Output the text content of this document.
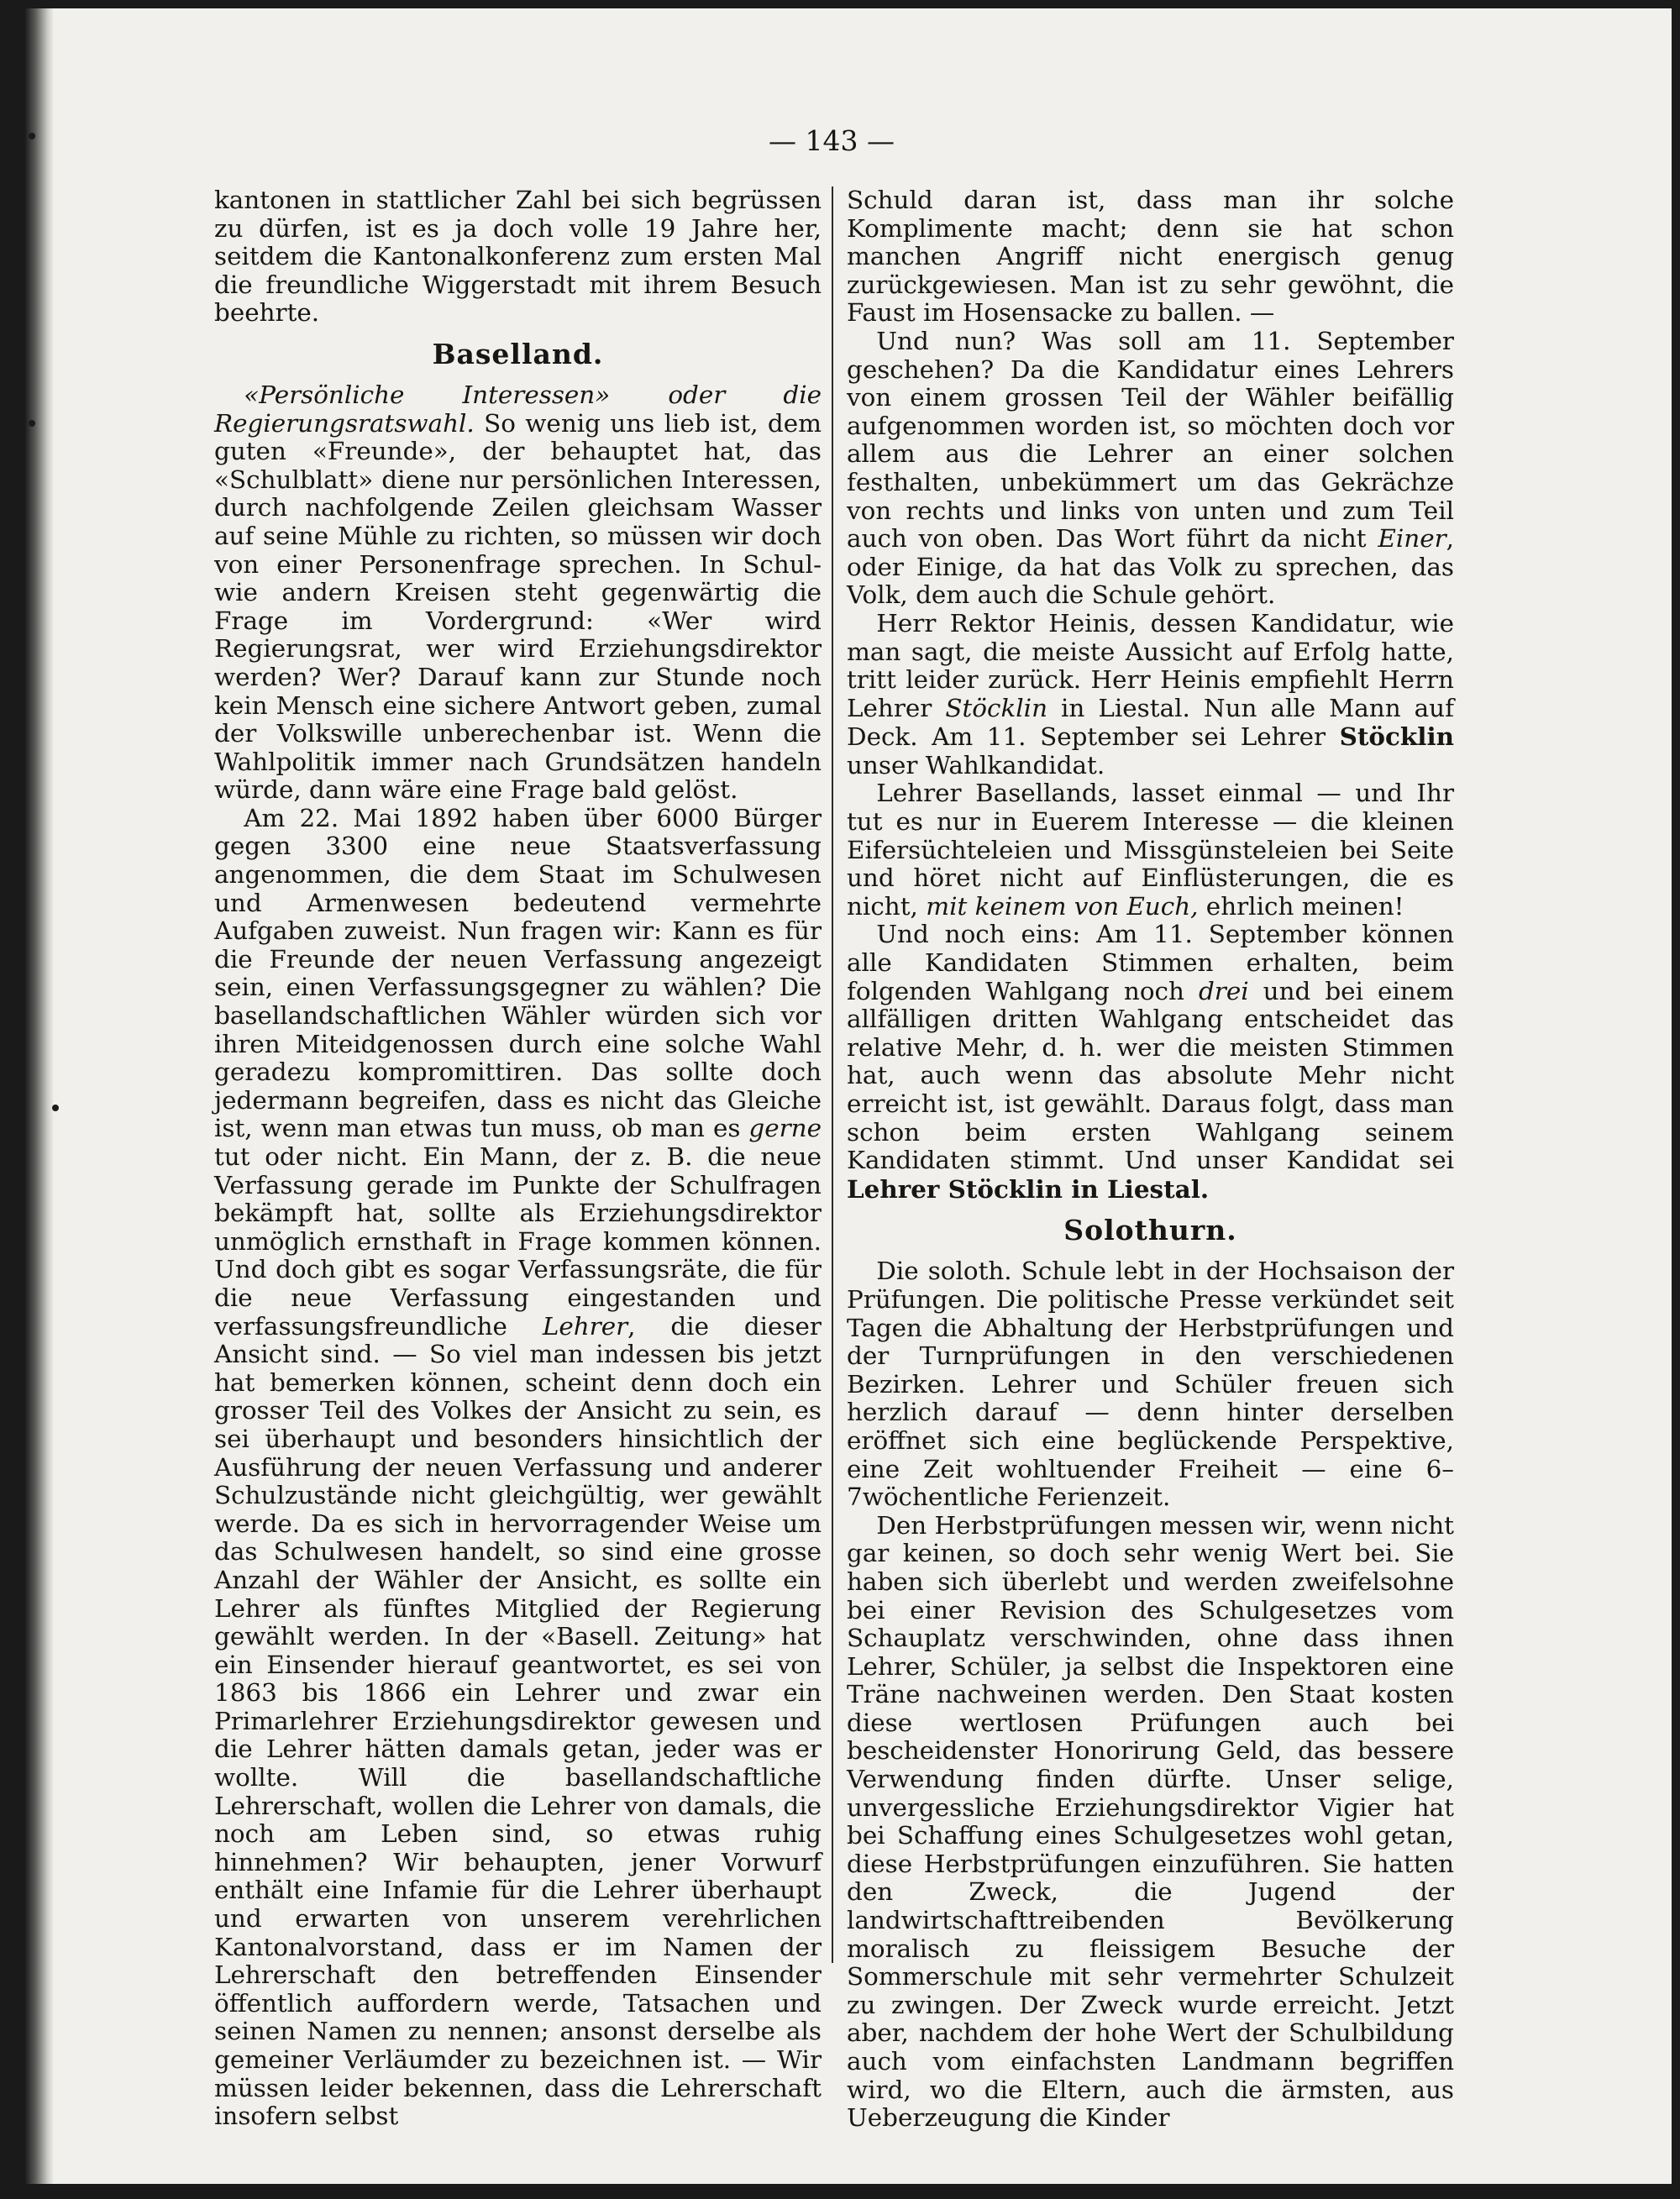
— 143 —

kantonen in stattlicher Zahl bei sich begrüssen zu dürfen, ist es ja doch volle 19 Jahre her, seitdem die Kantonalkonferenz zum ersten Mal die freundliche Wiggerstadt mit ihrem Besuch beehrte.

Baselland.

«Persönliche Interessen» oder die Regierungsratswahl. So wenig uns lieb ist, dem guten «Freunde», der behauptet hat, das «Schulblatt» diene nur persönlichen Interessen, durch nachfolgende Zeilen gleichsam Wasser auf seine Mühle zu richten, so müssen wir doch von einer Personenfrage sprechen. In Schul- wie andern Kreisen steht gegenwärtig die Frage im Vordergrund: «Wer wird Regierungsrat, wer wird Erziehungsdirektor werden? Wer? Darauf kann zur Stunde noch kein Mensch eine sichere Antwort geben, zumal der Volkswille unberechenbar ist. Wenn die Wahlpolitik immer nach Grundsätzen handeln würde, dann wäre eine Frage bald gelöst.

Am 22. Mai 1892 haben über 6000 Bürger gegen 3300 eine neue Staatsverfassung angenommen, die dem Staat im Schulwesen und Armenwesen bedeutend vermehrte Aufgaben zuweist. Nun fragen wir: Kann es für die Freunde der neuen Verfassung angezeigt sein, einen Verfassungsgegner zu wählen? Die basellandschaftlichen Wähler würden sich vor ihren Miteidgenossen durch eine solche Wahl geradezu kompromittiren. Das sollte doch jedermann begreifen, dass es nicht das Gleiche ist, wenn man etwas tun muss, ob man es gerne tut oder nicht. Ein Mann, der z. B. die neue Verfassung gerade im Punkte der Schulfragen bekämpft hat, sollte als Erziehungsdirektor unmöglich ernsthaft in Frage kommen können. Und doch gibt es sogar Verfassungsräte, die für die neue Verfassung eingestanden und verfassungsfreundliche Lehrer, die dieser Ansicht sind. — So viel man indessen bis jetzt hat bemerken können, scheint denn doch ein grosser Teil des Volkes der Ansicht zu sein, es sei überhaupt und besonders hinsichtlich der Ausführung der neuen Verfassung und anderer Schulzustände nicht gleichgültig, wer gewählt werde. Da es sich in hervorragender Weise um das Schulwesen handelt, so sind eine grosse Anzahl der Wähler der Ansicht, es sollte ein Lehrer als fünftes Mitglied der Regierung gewählt werden. In der «Basell. Zeitung» hat ein Einsender hierauf geantwortet, es sei von 1863 bis 1866 ein Lehrer und zwar ein Primarlehrer Erziehungsdirektor gewesen und die Lehrer hätten damals getan, jeder was er wollte. Will die basellandschaftliche Lehrerschaft, wollen die Lehrer von damals, die noch am Leben sind, so etwas ruhig hinnehmen? Wir behaupten, jener Vorwurf enthält eine Infamie für die Lehrer überhaupt und erwarten von unserem verehrlichen Kantonalvorstand, dass er im Namen der Lehrerschaft den betreffenden Einsender öffentlich auffordern werde, Tatsachen und seinen Namen zu nennen; ansonst derselbe als gemeiner Verläumder zu bezeichnen ist. — Wir müssen leider bekennen, dass die Lehrerschaft insofern selbst

Schuld daran ist, dass man ihr solche Komplimente macht; denn sie hat schon manchen Angriff nicht energisch genug zurückgewiesen. Man ist zu sehr gewöhnt, die Faust im Hosensacke zu ballen. —

Und nun? Was soll am 11. September geschehen? Da die Kandidatur eines Lehrers von einem grossen Teil der Wähler beifällig aufgenommen worden ist, so möchten doch vor allem aus die Lehrer an einer solchen festhalten, unbekümmert um das Gekrächze von rechts und links von unten und zum Teil auch von oben. Das Wort führt da nicht Einer, oder Einige, da hat das Volk zu sprechen, das Volk, dem auch die Schule gehört.

Herr Rektor Heinis, dessen Kandidatur, wie man sagt, die meiste Aussicht auf Erfolg hatte, tritt leider zurück. Herr Heinis empfiehlt Herrn Lehrer Stöcklin in Liestal. Nun alle Mann auf Deck. Am 11. September sei Lehrer Stöcklin unser Wahlkandidat.

Lehrer Basellands, lasset einmal — und Ihr tut es nur in Euerem Interesse — die kleinen Eifersüchteleien und Missgünsteleien bei Seite und höret nicht auf Einflüsterungen, die es nicht, mit keinem von Euch, ehrlich meinen!

Und noch eins: Am 11. September können alle Kandidaten Stimmen erhalten, beim folgenden Wahlgang noch drei und bei einem allfälligen dritten Wahlgang entscheidet das relative Mehr, d. h. wer die meisten Stimmen hat, auch wenn das absolute Mehr nicht erreicht ist, ist gewählt. Daraus folgt, dass man schon beim ersten Wahlgang seinem Kandidaten stimmt. Und unser Kandidat sei Lehrer Stöcklin in Liestal.

Solothurn.

Die soloth. Schule lebt in der Hochsaison der Prüfungen. Die politische Presse verkündet seit Tagen die Abhaltung der Herbstprüfungen und der Turnprüfungen in den verschiedenen Bezirken. Lehrer und Schüler freuen sich herzlich darauf — denn hinter derselben eröffnet sich eine beglückende Perspektive, eine Zeit wohltuender Freiheit — eine 6–7wöchentliche Ferienzeit.

Den Herbstprüfungen messen wir, wenn nicht gar keinen, so doch sehr wenig Wert bei. Sie haben sich überlebt und werden zweifelsohne bei einer Revision des Schulgesetzes vom Schauplatz verschwinden, ohne dass ihnen Lehrer, Schüler, ja selbst die Inspektoren eine Träne nachweinen werden. Den Staat kosten diese wertlosen Prüfungen auch bei bescheidenster Honorirung Geld, das bessere Verwendung finden dürfte. Unser selige, unvergessliche Erziehungsdirektor Vigier hat bei Schaffung eines Schulgesetzes wohl getan, diese Herbstprüfungen einzuführen. Sie hatten den Zweck, die Jugend der landwirtschafttreibenden Bevölkerung moralisch zu fleissigem Besuche der Sommerschule mit sehr vermehrter Schulzeit zu zwingen. Der Zweck wurde erreicht. Jetzt aber, nachdem der hohe Wert der Schulbildung auch vom einfachsten Landmann begriffen wird, wo die Eltern, auch die ärmsten, aus Ueberzeugung die Kinder
